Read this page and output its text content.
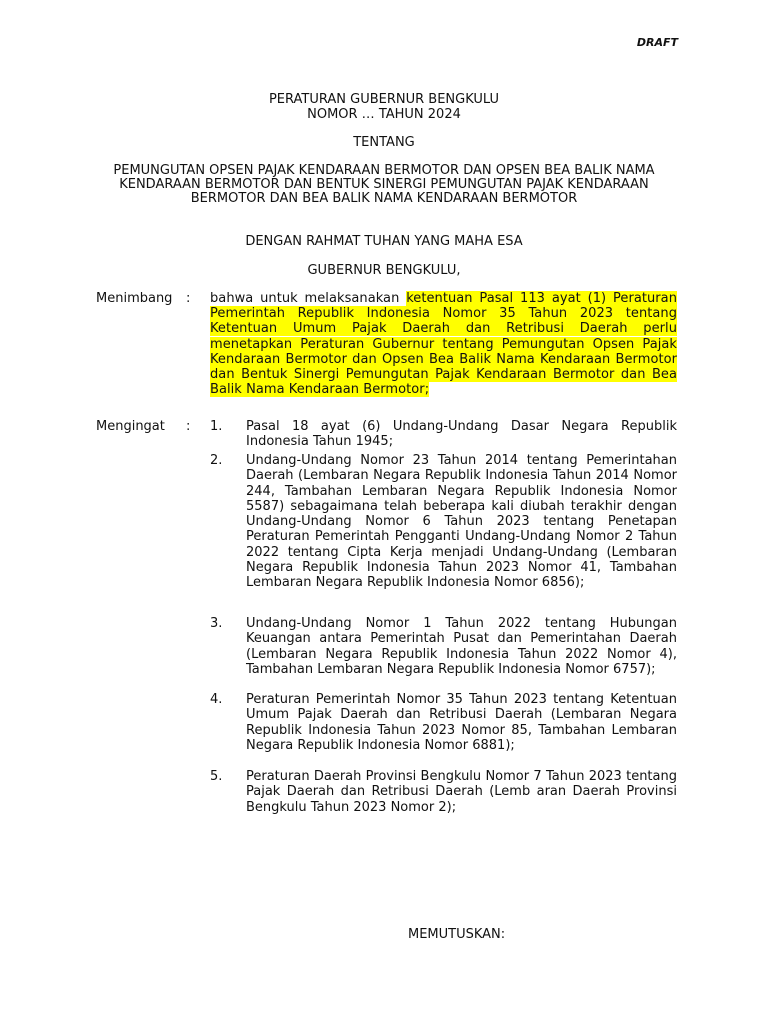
DRAFT
PERATURAN GUBERNUR BENGKULU
NOMOR … TAHUN 2024
TENTANG
PEMUNGUTAN OPSEN PAJAK KENDARAAN BERMOTOR DAN OPSEN BEA BALIK NAMA KENDARAAN BERMOTOR DAN BENTUK SINERGI PEMUNGUTAN PAJAK KENDARAAN BERMOTOR DAN BEA BALIK NAMA KENDARAAN BERMOTOR
DENGAN RAHMAT TUHAN YANG MAHA ESA
GUBERNUR BENGKULU,
Menimbang : bahwa untuk melaksanakan ketentuan Pasal 113 ayat (1) Peraturan Pemerintah Republik Indonesia Nomor 35 Tahun 2023 tentang Ketentuan Umum Pajak Daerah dan Retribusi Daerah perlu menetapkan Peraturan Gubernur tentang Pemungutan Opsen Pajak Kendaraan Bermotor dan Opsen Bea Balik Nama Kendaraan Bermotor dan Bentuk Sinergi Pemungutan Pajak Kendaraan Bermotor dan Bea Balik Nama Kendaraan Bermotor;
Mengingat : 1.	Pasal 18 ayat (6) Undang-Undang Dasar Negara Republik Indonesia Tahun 1945;
2.	Undang-Undang Nomor 23 Tahun 2014 tentang Pemerintahan Daerah (Lembaran Negara Republik Indonesia Tahun 2014 Nomor 244, Tambahan Lembaran Negara Republik Indonesia Nomor 5587) sebagaimana telah beberapa kali diubah terakhir dengan Undang-Undang Nomor 6 Tahun 2023 tentang Penetapan Peraturan Pemerintah Pengganti Undang-Undang Nomor 2 Tahun 2022 tentang Cipta Kerja menjadi Undang-Undang (Lembaran Negara Republik Indonesia Tahun 2023 Nomor 41, Tambahan Lembaran Negara Republik Indonesia Nomor 6856);
3.	Undang-Undang Nomor 1 Tahun 2022 tentang Hubungan Keuangan antara Pemerintah Pusat dan Pemerintahan Daerah (Lembaran Negara Republik Indonesia Tahun 2022 Nomor 4), Tambahan Lembaran Negara Republik Indonesia Nomor 6757);
4.	Peraturan Pemerintah Nomor 35 Tahun 2023 tentang Ketentuan Umum Pajak Daerah dan Retribusi Daerah (Lembaran Negara Republik Indonesia Tahun 2023 Nomor 85, Tambahan Lembaran Negara Republik Indonesia Nomor 6881);
5.	Peraturan Daerah Provinsi Bengkulu Nomor 7 Tahun 2023 tentang Pajak Daerah dan Retribusi Daerah (Lemb aran Daerah Provinsi Bengkulu Tahun 2023 Nomor 2);
MEMUTUSKAN:
